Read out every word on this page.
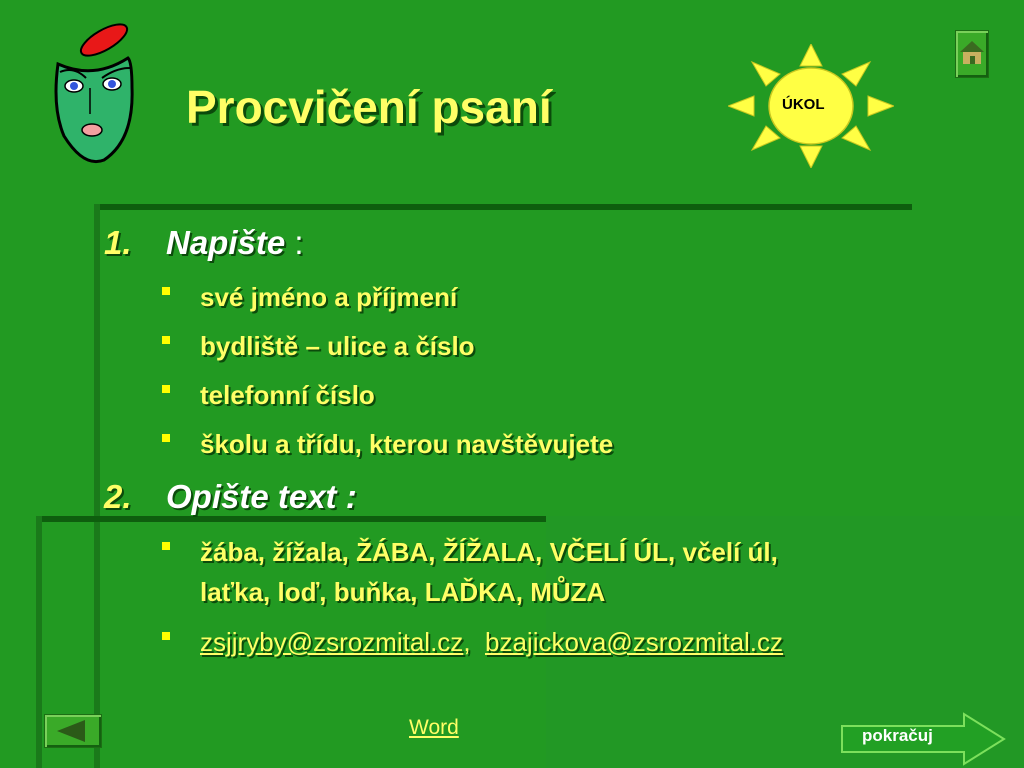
Procvičení psaní	ÚKOL
1. Napište :
své jméno a příjmení
bydliště – ulice a číslo
telefonní číslo
školu a třídu, kterou navštěvujete
2. Opište text :
žába, žížala, ŽÁBA, ŽÍŽALA, VČELÍ ÚL, včelí úl,
laťka, loď, buňka, LAĎKA, MŮZA
zsjjryby@zsrozmital.cz, bzajickova@zsrozmital.cz
Word	pokračuj
